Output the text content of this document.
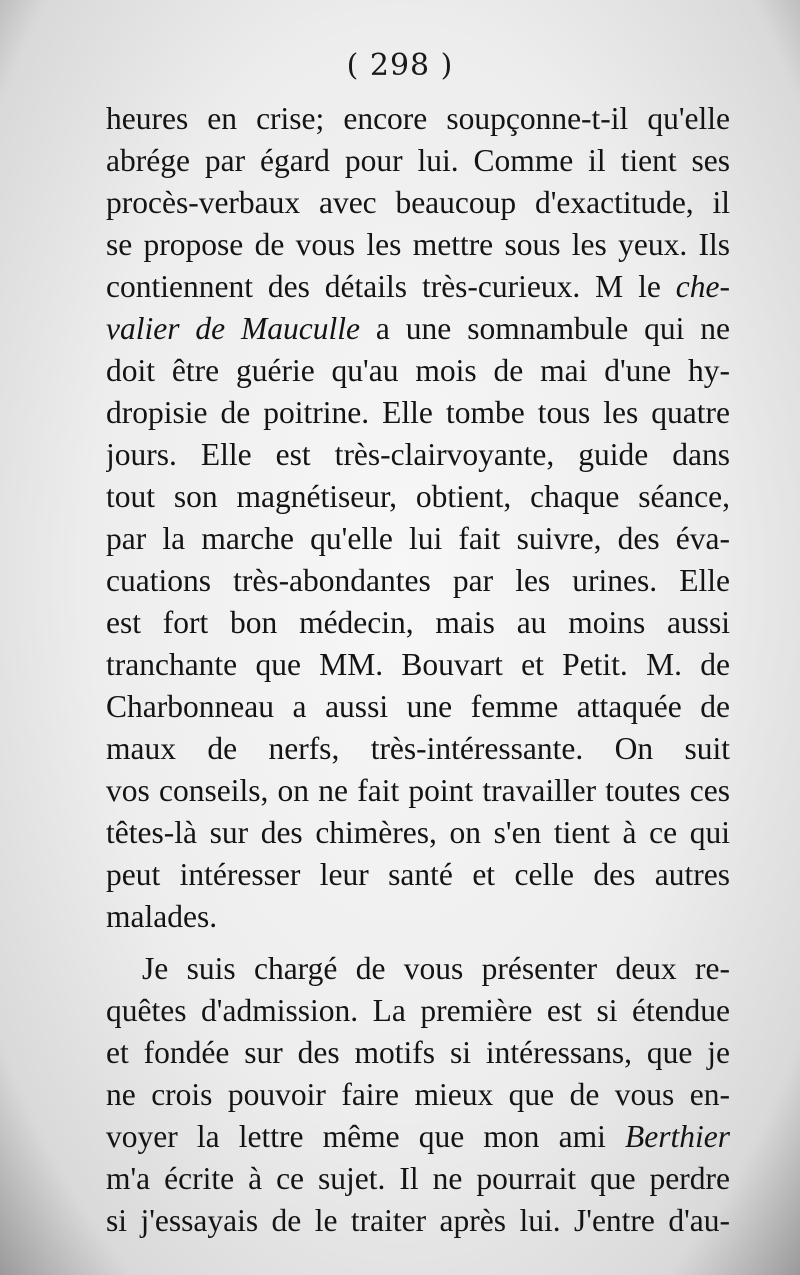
( 298 )
heures en crise; encore soupçonne-t-il qu'elle
abrége par égard pour lui. Comme il tient ses
procès-verbaux avec beaucoup d'exactitude, il
se propose de vous les mettre sous les yeux. Ils
contiennent des détails très-curieux. M le che-
valier de Mauculle a une somnambule qui ne
doit être guérie qu'au mois de mai d'une hy-
dropisie de poitrine. Elle tombe tous les quatre
jours. Elle est très-clairvoyante, guide dans
tout son magnétiseur, obtient, chaque séance,
par la marche qu'elle lui fait suivre, des éva-
cuations très-abondantes par les urines. Elle
est fort bon médecin, mais au moins aussi
tranchante que MM. Bouvart et Petit. M. de
Charbonneau a aussi une femme attaquée de
maux de nerfs, très-intéressante. On suit
vos conseils, on ne fait point travailler toutes ces
têtes-là sur des chimères, on s'en tient à ce qui
peut intéresser leur santé et celle des autres
malades.
Je suis chargé de vous présenter deux re-
quêtes d'admission. La première est si étendue
et fondée sur des motifs si intéressans, que je
ne crois pouvoir faire mieux que de vous en-
voyer la lettre même que mon ami Berthier
m'a écrite à ce sujet. Il ne pourrait que perdre
si j'essayais de le traiter après lui. J'entre d'au-
